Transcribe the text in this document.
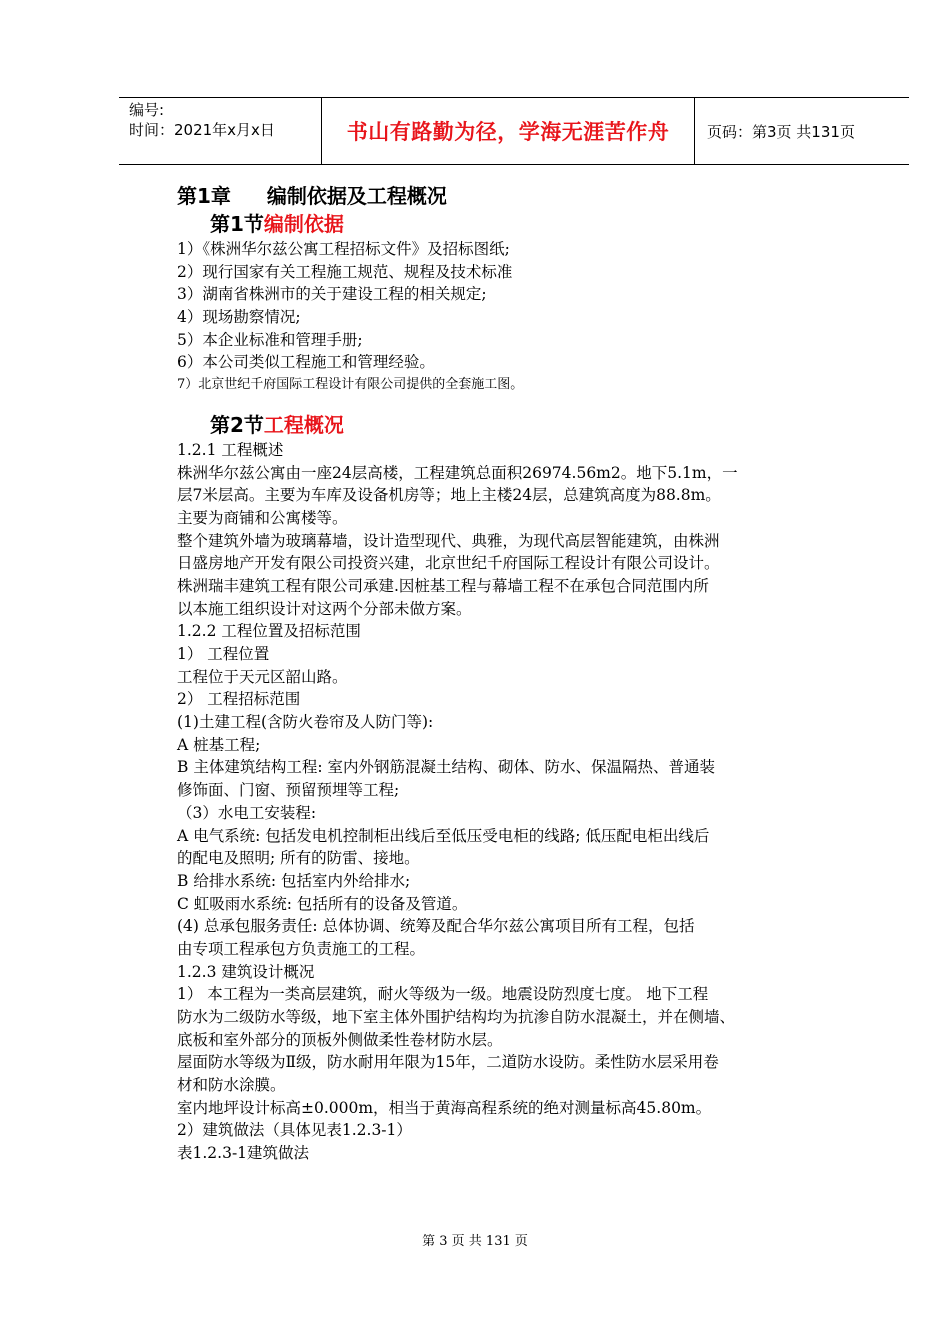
编号:
时间：2021年x月x日	书山有路勤为径，学海无涯苦作舟	页码：第3页 共131页
第1章 编制依据及工程概况
第1节编制依据
1）《株洲华尔兹公寓工程招标文件》及招标图纸;
2）现行国家有关工程施工规范、规程及技术标准
3）湖南省株洲市的关于建设工程的相关规定;
4）现场勘察情况;
5）本企业标准和管理手册;
6）本公司类似工程施工和管理经验。
7）北京世纪千府国际工程设计有限公司提供的全套施工图。
第2节工程概况
1.2.1 工程概述
株洲华尔兹公寓由一座24层高楼，工程建筑总面积26974.56m2。地下5.1m，一
层7米层高。主要为车库及设备机房等；地上主楼24层，总建筑高度为88.8m。
主要为商铺和公寓楼等。
整个建筑外墙为玻璃幕墙，设计造型现代、典雅，为现代高层智能建筑，由株洲
日盛房地产开发有限公司投资兴建，北京世纪千府国际工程设计有限公司设计。
株洲瑞丰建筑工程有限公司承建.因桩基工程与幕墙工程不在承包合同范围内所
以本施工组织设计对这两个分部未做方案。
1.2.2 工程位置及招标范围
1） 工程位置
工程位于天元区韶山路。
2） 工程招标范围
(1)土建工程(含防火卷帘及人防门等):
A 桩基工程;
B 主体建筑结构工程: 室内外钢筋混凝土结构、砌体、防水、保温隔热、普通装
修饰面、门窗、预留预埋等工程;
（3）水电工安装程:
A 电气系统: 包括发电机控制柜出线后至低压受电柜的线路; 低压配电柜出线后
的配电及照明; 所有的防雷、接地。
B 给排水系统: 包括室内外给排水;
C 虹吸雨水系统: 包括所有的设备及管道。
(4) 总承包服务责任: 总体协调、统筹及配合华尔兹公寓项目所有工程，包括
由专项工程承包方负责施工的工程。
1.2.3 建筑设计概况
1） 本工程为一类高层建筑，耐火等级为一级。地震设防烈度七度。 地下工程
防水为二级防水等级，地下室主体外围护结构均为抗渗自防水混凝土，并在侧墙、
底板和室外部分的顶板外侧做柔性卷材防水层。
屋面防水等级为Ⅱ级，防水耐用年限为15年，二道防水设防。柔性防水层采用卷
材和防水涂膜。
室内地坪设计标高±0.000m，相当于黄海高程系统的绝对测量标高45.80m。
2）建筑做法（具体见表1.2.3-1）
表1.2.3-1建筑做法
第 3 页 共 131 页
